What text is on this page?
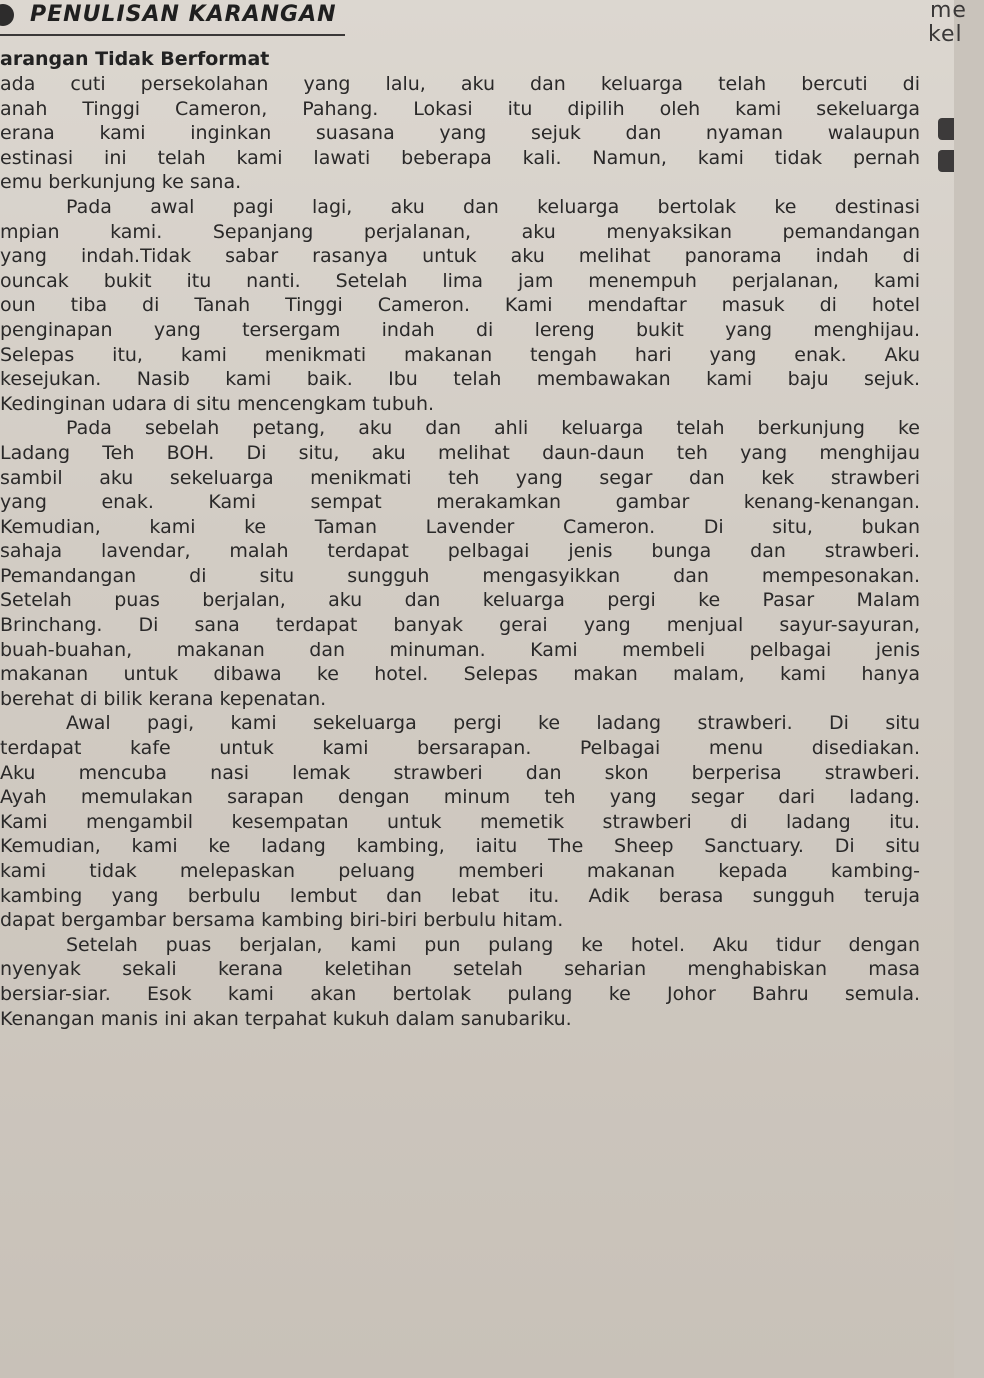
PENULISAN KARANGAN	me
kel
arangan Tidak Berformat
ada cuti persekolahan yang lalu, aku dan keluarga telah bercuti di
anah Tinggi Cameron, Pahang. Lokasi itu dipilih oleh kami sekeluarga
erana kami inginkan suasana yang sejuk dan nyaman walaupun
estinasi ini telah kami lawati beberapa kali. Namun, kami tidak pernah
emu berkunjung ke sana.
Pada awal pagi lagi, aku dan keluarga bertolak ke destinasi
mpian kami. Sepanjang perjalanan, aku menyaksikan pemandangan
yang indah.Tidak sabar rasanya untuk aku melihat panorama indah di
ouncak bukit itu nanti. Setelah lima jam menempuh perjalanan, kami
oun tiba di Tanah Tinggi Cameron. Kami mendaftar masuk di hotel
penginapan yang tersergam indah di lereng bukit yang menghijau.
Selepas itu, kami menikmati makanan tengah hari yang enak. Aku
kesejukan. Nasib kami baik. Ibu telah membawakan kami baju sejuk.
Kedinginan udara di situ mencengkam tubuh.
Pada sebelah petang, aku dan ahli keluarga telah berkunjung ke
Ladang Teh BOH. Di situ, aku melihat daun-daun teh yang menghijau
sambil aku sekeluarga menikmati teh yang segar dan kek strawberi
yang enak. Kami sempat merakamkan gambar kenang-kenangan.
Kemudian, kami ke Taman Lavender Cameron. Di situ, bukan
sahaja lavendar, malah terdapat pelbagai jenis bunga dan strawberi.
Pemandangan di situ sungguh mengasyikkan dan mempesonakan.
Setelah puas berjalan, aku dan keluarga pergi ke Pasar Malam
Brinchang. Di sana terdapat banyak gerai yang menjual sayur-sayuran,
buah-buahan, makanan dan minuman. Kami membeli pelbagai jenis
makanan untuk dibawa ke hotel. Selepas makan malam, kami hanya
berehat di bilik kerana kepenatan.
Awal pagi, kami sekeluarga pergi ke ladang strawberi. Di situ
terdapat kafe untuk kami bersarapan. Pelbagai menu disediakan.
Aku mencuba nasi lemak strawberi dan skon berperisa strawberi.
Ayah memulakan sarapan dengan minum teh yang segar dari ladang.
Kami mengambil kesempatan untuk memetik strawberi di ladang itu.
Kemudian, kami ke ladang kambing, iaitu The Sheep Sanctuary. Di situ
kami tidak melepaskan peluang memberi makanan kepada kambing-
kambing yang berbulu lembut dan lebat itu. Adik berasa sungguh teruja
dapat bergambar bersama kambing biri-biri berbulu hitam.
Setelah puas berjalan, kami pun pulang ke hotel. Aku tidur dengan
nyenyak sekali kerana keletihan setelah seharian menghabiskan masa
bersiar-siar. Esok kami akan bertolak pulang ke Johor Bahru semula.
Kenangan manis ini akan terpahat kukuh dalam sanubariku.
